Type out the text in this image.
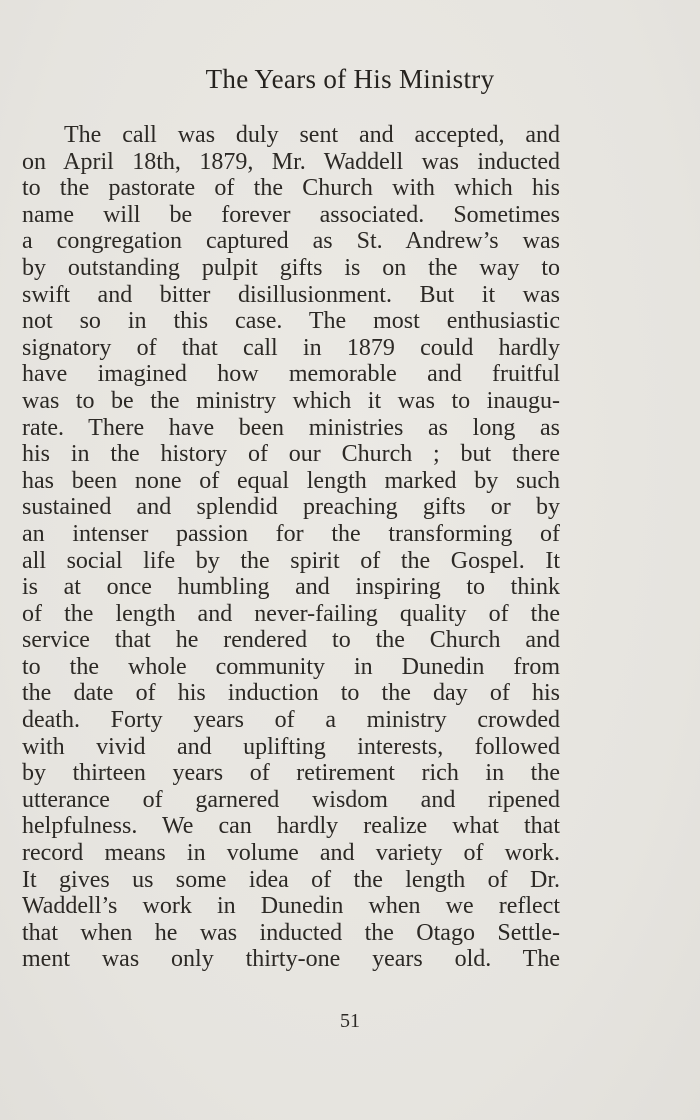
The Years of His Ministry
The call was duly sent and accepted, and
on April 18th, 1879, Mr. Waddell was inducted
to the pastorate of the Church with which his
name will be forever associated. Sometimes
a congregation captured as St. Andrew’s was
by outstanding pulpit gifts is on the way to
swift and bitter disillusionment. But it was
not so in this case. The most enthusiastic
signatory of that call in 1879 could hardly
have imagined how memorable and fruitful
was to be the ministry which it was to inaugu-
rate. There have been ministries as long as
his in the history of our Church ; but there
has been none of equal length marked by such
sustained and splendid preaching gifts or by
an intenser passion for the transforming of
all social life by the spirit of the Gospel. It
is at once humbling and inspiring to think
of the length and never-failing quality of the
service that he rendered to the Church and
to the whole community in Dunedin from
the date of his induction to the day of his
death. Forty years of a ministry crowded
with vivid and uplifting interests, followed
by thirteen years of retirement rich in the
utterance of garnered wisdom and ripened
helpfulness. We can hardly realize what that
record means in volume and variety of work.
It gives us some idea of the length of Dr.
Waddell’s work in Dunedin when we reflect
that when he was inducted the Otago Settle-
ment was only thirty-one years old. The
51
